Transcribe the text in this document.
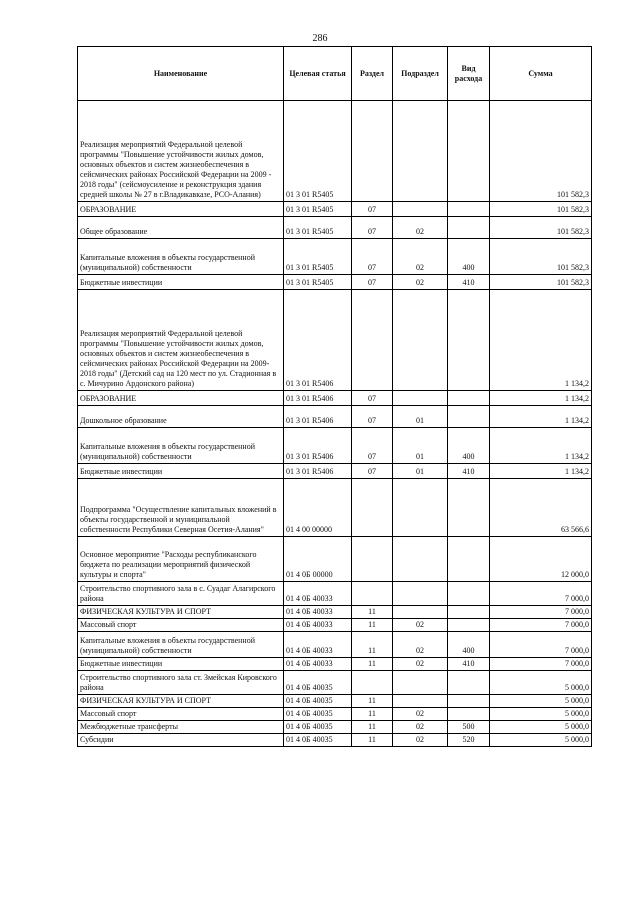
286
Наименование	Целевая статья	Раздел	Подраздел	Вид расхода	Сумма
Реализация мероприятий Федеральной целевой программы "Повышение устойчивости жилых домов, основных объектов и систем жизнеобеспечения в сейсмических районах Российской Федерации на 2009 - 2018 годы" (сейсмоусиление и реконструкция здания средней школы № 27 в г.Владикавказе, РСО-Алания)	01 3 01 R5405				101 582,3
ОБРАЗОВАНИЕ	01 3 01 R5405	07			101 582,3
Общее образование	01 3 01 R5405	07	02		101 582,3
Капитальные вложения в объекты государственной (муниципальной) собственности	01 3 01 R5405	07	02	400	101 582,3
Бюджетные инвестиции	01 3 01 R5405	07	02	410	101 582,3
Реализация мероприятий Федеральной целевой программы "Повышение устойчивости жилых домов, основных объектов и систем жизнеобеспечения в сейсмических районах Российской Федерации на 2009-2018 годы" (Детский сад на 120 мест по ул. Стадионная в с. Мичурино Ардонского района)	01 3 01 R5406				1 134,2
ОБРАЗОВАНИЕ	01 3 01 R5406	07			1 134,2
Дошкольное образование	01 3 01 R5406	07	01		1 134,2
Капитальные вложения в объекты государственной (муниципальной) собственности	01 3 01 R5406	07	01	400	1 134,2
Бюджетные инвестиции	01 3 01 R5406	07	01	410	1 134,2
Подпрограмма "Осуществление капитальных вложений в объекты государственной и муниципальной собственности Республики Северная Осетия-Алания"	01 4 00 00000				63 566,6
Основное мероприятие "Расходы республиканского бюджета по реализации мероприятий физической культуры и спорта"	01 4 0Б 00000				12 000,0
Строительство спортивного зала в с. Суадаг Алагирского района	01 4 0Б 40033				7 000,0
ФИЗИЧЕСКАЯ КУЛЬТУРА И СПОРТ	01 4 0Б 40033	11			7 000,0
Массовый спорт	01 4 0Б 40033	11	02		7 000,0
Капитальные вложения в объекты государственной (муниципальной) собственности	01 4 0Б 40033	11	02	400	7 000,0
Бюджетные инвестиции	01 4 0Б 40033	11	02	410	7 000,0
Строительство спортивного зала ст. Змейская Кировского района	01 4 0Б 40035				5 000,0
ФИЗИЧЕСКАЯ КУЛЬТУРА И СПОРТ	01 4 0Б 40035	11			5 000,0
Массовый спорт	01 4 0Б 40035	11	02		5 000,0
Межбюджетные трансферты	01 4 0Б 40035	11	02	500	5 000,0
Субсидии	01 4 0Б 40035	11	02	520	5 000,0
